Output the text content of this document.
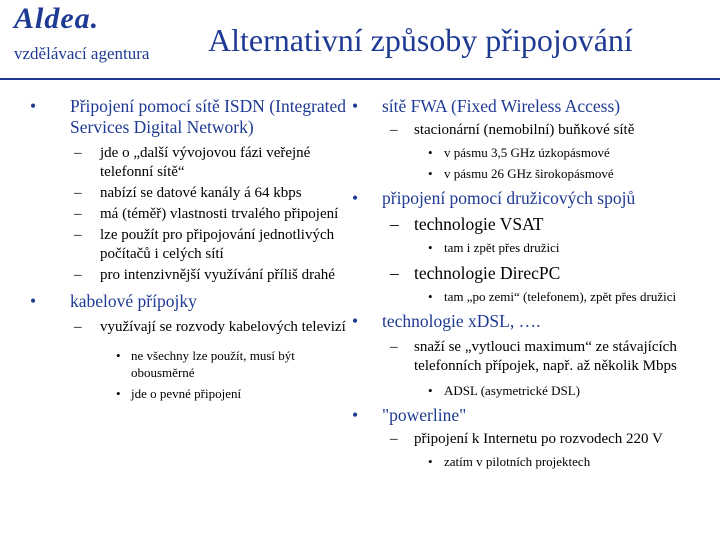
Aldea.
vzdělávací agentura Alternativní způsoby připojování
• Připojení pomocí sítě ISDN (Integrated Services Digital Network)
– jde o „další vývojovou fázi veřejné telefonní sítě“
– nabízí se datové kanály á 64 kbps
– má (téměř) vlastnosti trvalého připojení
– lze použít pro připojování jednotlivých počítačů i celých sítí
– pro intenzivnější využívání příliš drahé
• kabelové přípojky
– využívají se rozvody kabelových televizí
• ne všechny lze použít, musí být obousměrné
• jde o pevné připojení
• sítě FWA (Fixed Wireless Access)
– stacionární (nemobilní) buňkové sítě
• v pásmu 3,5 GHz úzkopásmové
• v pásmu 26 GHz širokopásmové
• připojení pomocí družicových spojů
– technologie VSAT
• tam i zpět přes družici
– technologie DirecPC
• tam „po zemi“ (telefonem), zpět přes družici
• technologie xDSL, ….
– snaží se „vytlouci maximum“ ze stávajících telefonních přípojek, např. až několik Mbps
• ADSL (asymetrické DSL)
• "powerline"
– připojení k Internetu po rozvodech 220 V
• zatím v pilotních projektech
